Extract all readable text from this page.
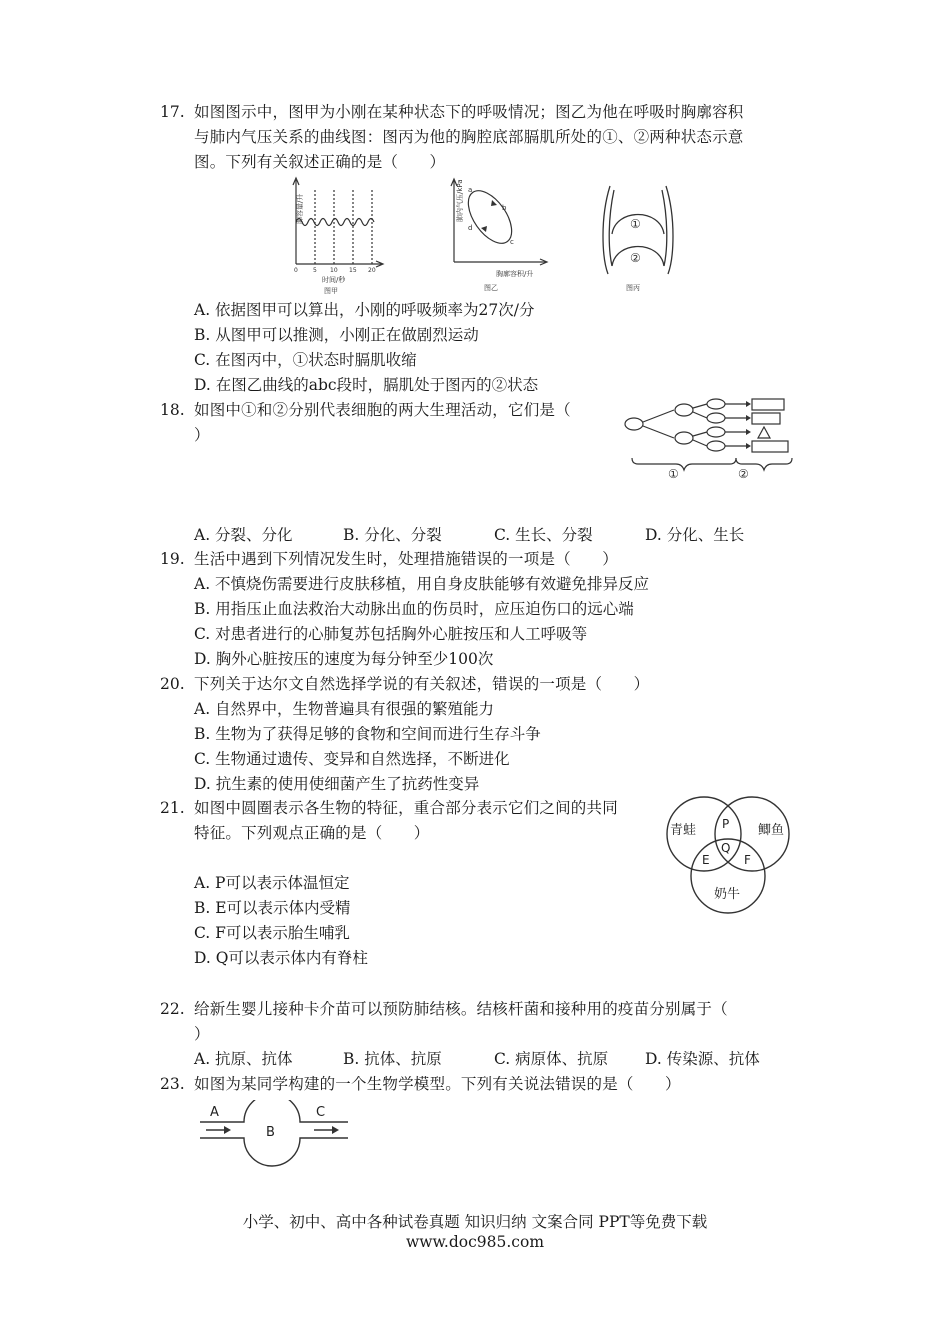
17. 如图图示中，图甲为小刚在某种状态下的呼吸情况；图乙为他在呼吸时胸廓容积
与肺内气压关系的曲线图：图丙为他的胸腔底部膈肌所处的①、②两种状态示意
图。下列有关叙述正确的是（　　）
肺容量/升
0	5 10 15 20
时间/秒
图甲
肺内气压/kPa a
b
c
d
胸廓容积/升
图乙
①
②
图丙
A. 依据图甲可以算出，小刚的呼吸频率为27次/分
B. 从图甲可以推测，小刚正在做剧烈运动
C. 在图丙中，①状态时膈肌收缩
D. 在图乙曲线的abc段时，膈肌处于图丙的②状态
18. 如图中①和②分别代表细胞的两大生理活动，它们是（
）
①	②
A. 分裂、分化	B. 分化、分裂	C. 生长、分裂	D. 分化、生长
19. 生活中遇到下列情况发生时，处理措施错误的一项是（　　）
A. 不慎烧伤需要进行皮肤移植，用自身皮肤能够有效避免排异反应
B. 用指压止血法救治大动脉出血的伤员时，应压迫伤口的远心端
C. 对患者进行的心肺复苏包括胸外心脏按压和人工呼吸等
D. 胸外心脏按压的速度为每分钟至少100次
20. 下列关于达尔文自然选择学说的有关叙述，错误的一项是（　　）
A. 自然界中，生物普遍具有很强的繁殖能力
B. 生物为了获得足够的食物和空间而进行生存斗争
C. 生物通过遗传、变异和自然选择，不断进化
D. 抗生素的使用使细菌产生了抗药性变异
21. 如图中圆圈表示各生物的特征，重合部分表示它们之间的共同
特征。下列观点正确的是（　　）	青蛙	鲫鱼
奶牛
P
Q
E	F
A. P可以表示体温恒定
B. E可以表示体内受精
C. F可以表示胎生哺乳
D. Q可以表示体内有脊柱
22. 给新生婴儿接种卡介苗可以预防肺结核。结核杆菌和接种用的疫苗分别属于（
）
A. 抗原、抗体	B. 抗体、抗原	C. 病原体、抗原 D. 传染源、抗体
23. 如图为某同学构建的一个生物学模型。下列有关说法错误的是（　　）
A
B
C
小学、初中、高中各种试卷真题 知识归纳 文案合同 PPT等免费下载
www.doc985.com
